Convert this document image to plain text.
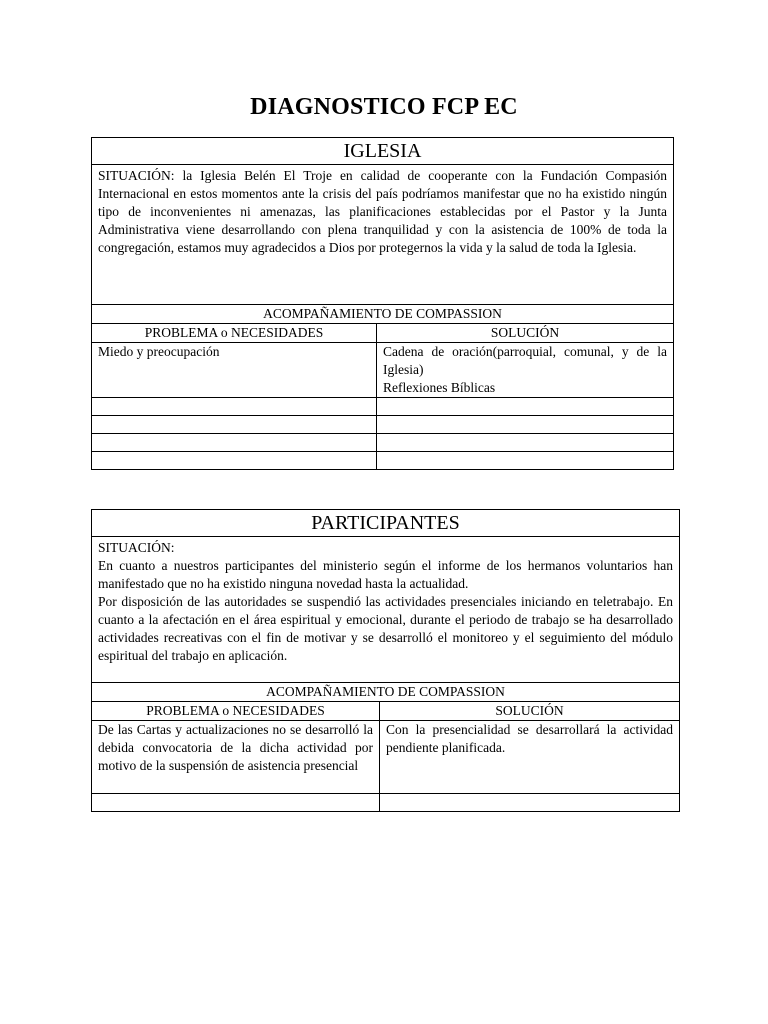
DIAGNOSTICO FCP EC
IGLESIA	

SITUACIÓN: la Iglesia Belén El Troje en calidad de cooperante con la Fundación Compasión Internacional en estos momentos ante la crisis del país podríamos manifestar que no ha existido ningún tipo de inconvenientes ni amenazas, las planificaciones establecidas por el Pastor y la Junta Administrativa viene desarrollando con plena tranquilidad y con la asistencia de 100% de toda la congregación, estamos muy agradecidos a Dios por protegernos la vida y la salud de toda la Iglesia.	

ACOMPAÑAMIENTO DE COMPASSION	
PROBLEMA o NECESIDADES	SOLUCIÓN
Miedo y preocupación	Cadena de oración(parroquial, comunal, y de la Iglesia)
Reflexiones Bíblicas

PARTICIPANTES	

SITUACIÓN:

En cuanto a nuestros participantes del ministerio según el informe de los hermanos voluntarios han manifestado que no ha existido ninguna novedad hasta la actualidad.

Por disposición de las autoridades se suspendió las actividades presenciales iniciando en teletrabajo. En cuanto a la afectación en el área espiritual y emocional, durante el periodo de trabajo se ha desarrollado actividades recreativas con el fin de motivar y se desarrolló el monitoreo y el seguimiento del módulo espiritual del trabajo en aplicación.	

ACOMPAÑAMIENTO DE COMPASSION	
PROBLEMA o NECESIDADES	SOLUCIÓN
De las Cartas y actualizaciones no se desarrolló la debida convocatoria de la dicha actividad por motivo de la suspensión de asistencia presencial	Con la presencialidad se desarrollará la actividad pendiente planificada.
